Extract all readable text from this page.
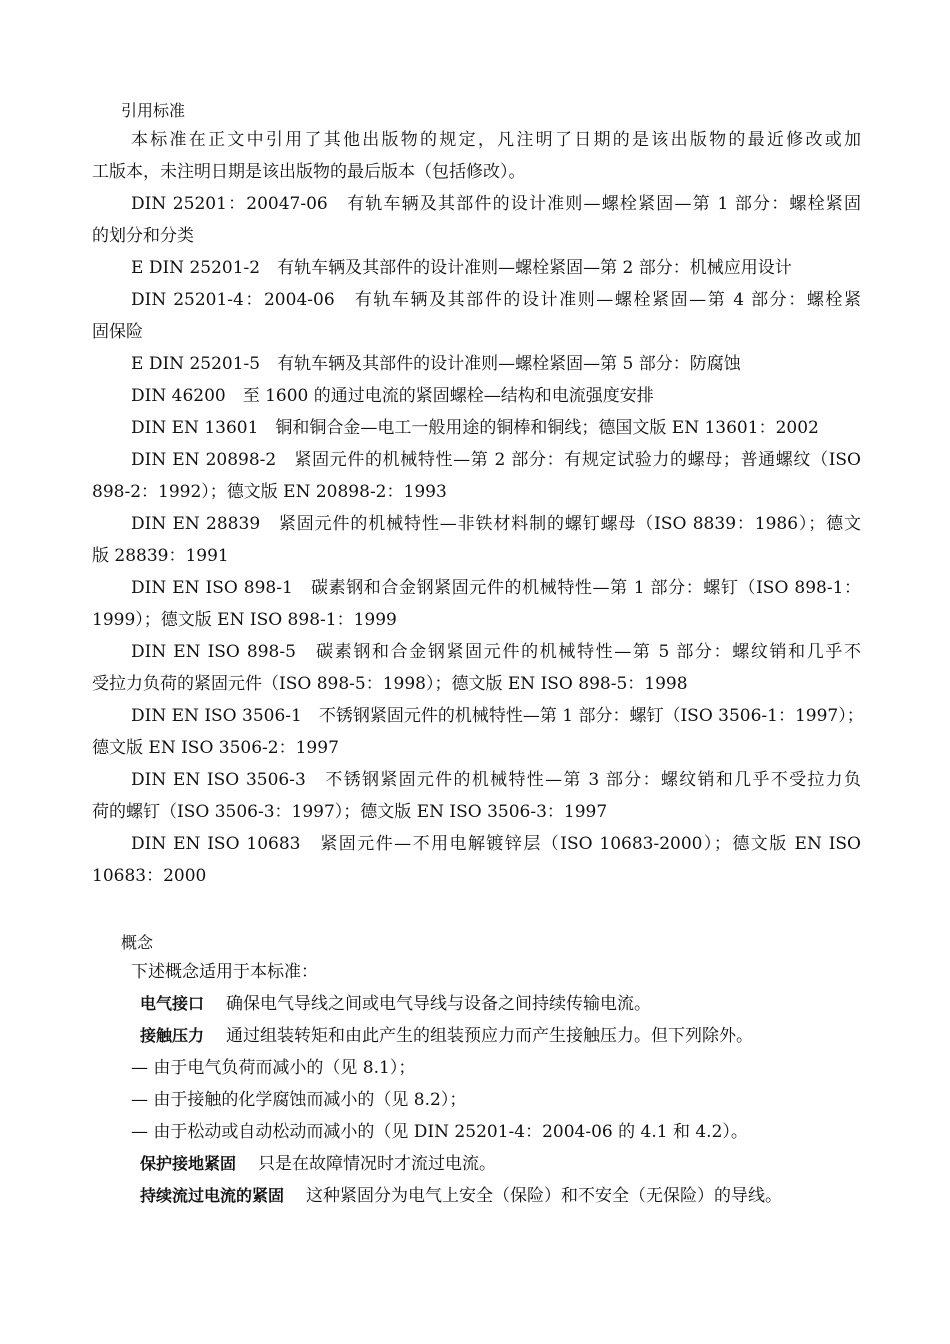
引用标准
本标准在正文中引用了其他出版物的规定，凡注明了日期的是该出版物的最近修改或加
工版本，未注明日期是该出版物的最后版本（包括修改）。
DIN 25201：20047-06　有轨车辆及其部件的设计准则—螺栓紧固—第 1 部分：螺栓紧固
的划分和分类
E DIN 25201-2　有轨车辆及其部件的设计准则—螺栓紧固—第 2 部分：机械应用设计
DIN 25201-4：2004-06　有轨车辆及其部件的设计准则—螺栓紧固—第 4 部分：螺栓紧
固保险
E DIN 25201-5　有轨车辆及其部件的设计准则—螺栓紧固—第 5 部分：防腐蚀
DIN 46200　至 1600 的通过电流的紧固螺栓—结构和电流强度安排
DIN EN 13601　铜和铜合金—电工一般用途的铜棒和铜线；德国文版 EN 13601：2002
DIN EN 20898-2　紧固元件的机械特性—第 2 部分：有规定试验力的螺母；普通螺纹（ISO
898-2：1992）；德文版 EN 20898-2：1993
DIN EN 28839　紧固元件的机械特性—非铁材料制的螺钉螺母（ISO 8839：1986）；德文
版 28839：1991
DIN EN ISO 898-1　碳素钢和合金钢紧固元件的机械特性—第 1 部分：螺钉（ISO 898-1：
1999）；德文版 EN ISO 898-1：1999
DIN EN ISO 898-5　碳素钢和合金钢紧固元件的机械特性—第 5 部分：螺纹销和几乎不
受拉力负荷的紧固元件（ISO 898-5：1998）；德文版 EN ISO 898-5：1998
DIN EN ISO 3506-1　不锈钢紧固元件的机械特性—第 1 部分：螺钉（ISO 3506-1：1997）；
德文版 EN ISO 3506-2：1997
DIN EN ISO 3506-3　不锈钢紧固元件的机械特性—第 3 部分：螺纹销和几乎不受拉力负
荷的螺钉（ISO 3506-3：1997）；德文版 EN ISO 3506-3：1997
DIN EN ISO 10683　紧固元件—不用电解镀锌层（ISO 10683-2000）；德文版 EN ISO
10683：2000
概念
下述概念适用于本标准：
电气接口 确保电气导线之间或电气导线与设备之间持续传输电流。
接触压力 通过组装转矩和由此产生的组装预应力而产生接触压力。但下列除外。
— 由于电气负荷而减小的（见 8.1）；
— 由于接触的化学腐蚀而减小的（见 8.2）；
— 由于松动或自动松动而减小的（见 DIN 25201-4：2004-06 的 4.1 和 4.2）。
保护接地紧固 只是在故障情况时才流过电流。
持续流过电流的紧固 这种紧固分为电气上安全（保险）和不安全（无保险）的导线。
